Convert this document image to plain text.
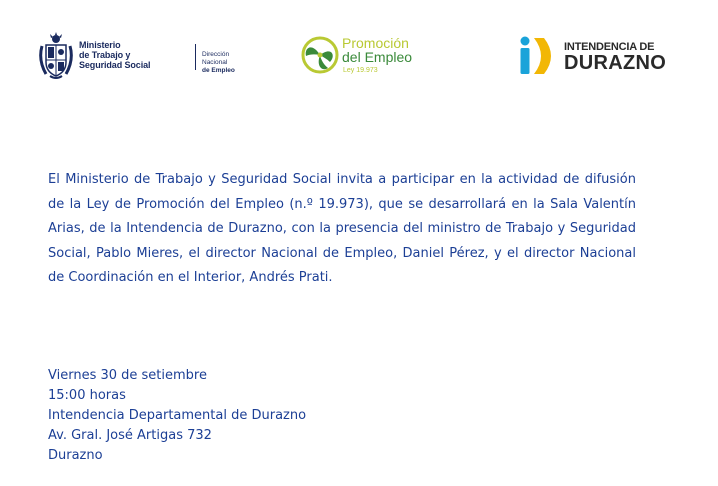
Ministerio
de Trabajo y
Seguridad Social
Dirección Nacional
de Empleo
Promoción
del Empleo
Ley 19.973
INTENDENCIA DE
DURAZNO

El Ministerio de Trabajo y Seguridad Social invita a participar en la actividad de difusión de la Ley de Promoción del Empleo (n.º 19.973), que se desarrollará en la Sala Valentín Arias, de la Intendencia de Durazno, con la presencia del ministro de Trabajo y Seguridad Social, Pablo Mieres, el director Nacional de Empleo, Daniel Pérez, y el director Nacional de Coordinación en el Interior, Andrés Prati.

Viernes 30 de setiembre
15:00 horas
Intendencia Departamental de Durazno
Av. Gral. José Artigas 732
Durazno
